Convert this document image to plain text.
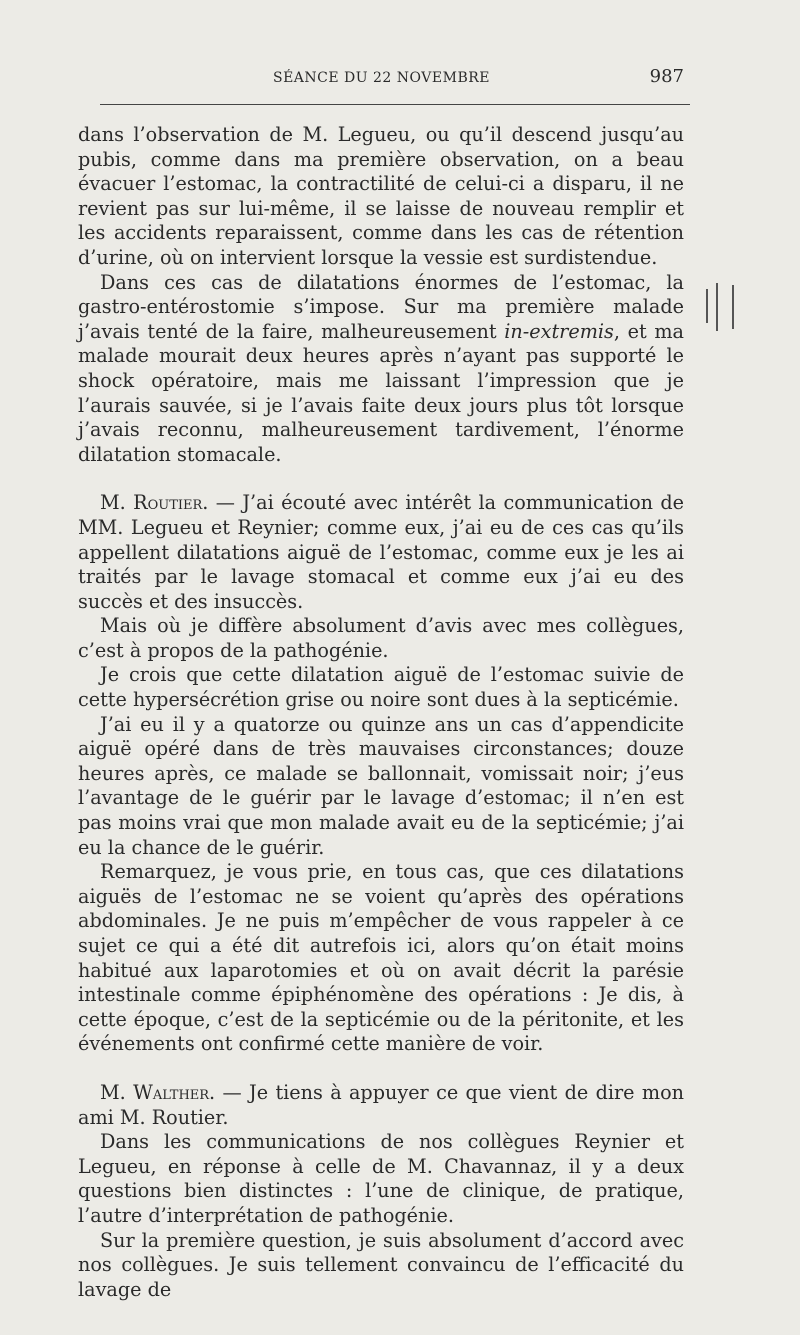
SÉANCE DU 22 NOVEMBRE	987

dans l’observation de M. Legueu, ou qu’il descend jusqu’au pubis, comme dans ma première observation, on a beau évacuer l’estomac, la contractilité de celui-ci a disparu, il ne revient pas sur lui-même, il se laisse de nouveau remplir et les accidents reparaissent, comme dans les cas de rétention d’urine, où on intervient lorsque la vessie est surdistendue.

Dans ces cas de dilatations énormes de l’estomac, la gastro-entérostomie s’impose. Sur ma première malade j’avais tenté de la faire, malheureusement in-extremis, et ma malade mourait deux heures après n’ayant pas supporté le shock opératoire, mais me laissant l’impression que je l’aurais sauvée, si je l’avais faite deux jours plus tôt lorsque j’avais reconnu, malheureusement tardivement, l’énorme dilatation stomacale.

M. Routier. — J’ai écouté avec intérêt la communication de MM. Legueu et Reynier; comme eux, j’ai eu de ces cas qu’ils appellent dilatations aiguë de l’estomac, comme eux je les ai traités par le lavage stomacal et comme eux j’ai eu des succès et des insuccès.

Mais où je diffère absolument d’avis avec mes collègues, c’est à propos de la pathogénie.

Je crois que cette dilatation aiguë de l’estomac suivie de cette hypersécrétion grise ou noire sont dues à la septicémie.

J’ai eu il y a quatorze ou quinze ans un cas d’appendicite aiguë opéré dans de très mauvaises circonstances; douze heures après, ce malade se ballonnait, vomissait noir; j’eus l’avantage de le guérir par le lavage d’estomac; il n’en est pas moins vrai que mon malade avait eu de la septicémie; j’ai eu la chance de le guérir.

Remarquez, je vous prie, en tous cas, que ces dilatations aiguës de l’estomac ne se voient qu’après des opérations abdominales. Je ne puis m’empêcher de vous rappeler à ce sujet ce qui a été dit autrefois ici, alors qu’on était moins habitué aux laparotomies et où on avait décrit la parésie intestinale comme épiphénomène des opérations : Je dis, à cette époque, c’est de la septicémie ou de la péritonite, et les événements ont confirmé cette manière de voir.

M. Walther. — Je tiens à appuyer ce que vient de dire mon ami M. Routier.

Dans les communications de nos collègues Reynier et Legueu, en réponse à celle de M. Chavannaz, il y a deux questions bien distinctes : l’une de clinique, de pratique, l’autre d’interprétation de pathogénie.

Sur la première question, je suis absolument d’accord avec nos collègues. Je suis tellement convaincu de l’efficacité du lavage de
